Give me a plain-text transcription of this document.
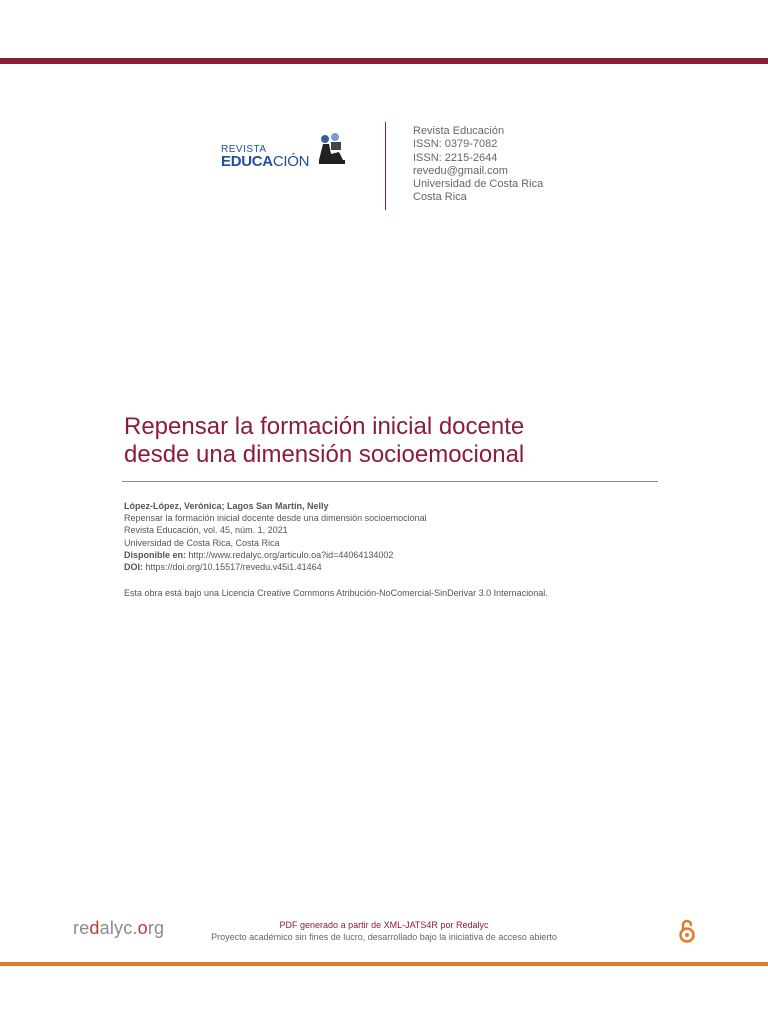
REVISTA
EDUCACIÓN
Revista Educación
ISSN: 0379-7082
ISSN: 2215-2644
revedu@gmail.com
Universidad de Costa Rica
Costa Rica
Repensar la formación inicial docente
desde una dimensión socioemocional
López-López, Verónica; Lagos San Martín, Nelly
Repensar la formación inicial docente desde una dimensión socioemocional
Revista Educación, vol. 45, núm. 1, 2021
Universidad de Costa Rica, Costa Rica
Disponible en: http://www.redalyc.org/articulo.oa?id=44064134002
DOI: https://doi.org/10.15517/revedu.v45i1.41464
Esta obra está bajo una Licencia Creative Commons Atribución-NoComercial-SinDerivar 3.0 Internacional.
redalyc.org	PDF generado a partir de XML-JATS4R por Redalyc
Proyecto académico sin fines de lucro, desarrollado bajo la iniciativa de acceso abierto
